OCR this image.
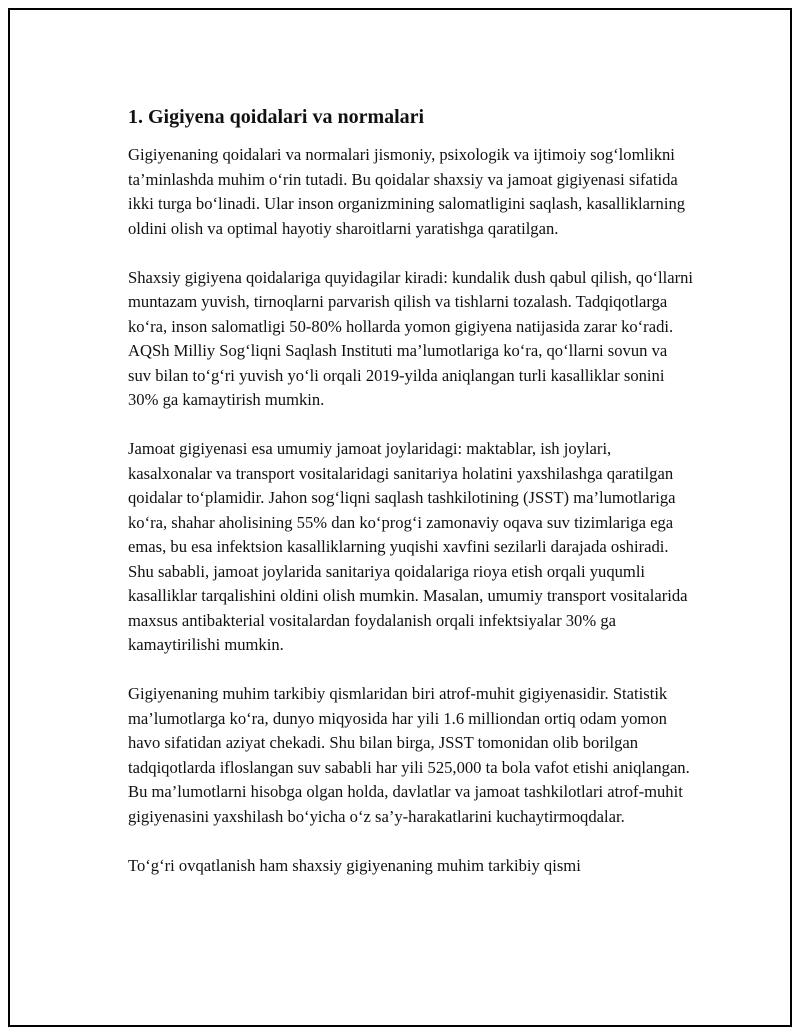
1. Gigiyena qoidalari va normalari

Gigiyenaning qoidalari va normalari jismoniy, psixologik va ijtimoiy sog‘lomlikni ta’minlashda muhim o‘rin tutadi. Bu qoidalar shaxsiy va jamoat gigiyenasi sifatida ikki turga bo‘linadi. Ular inson organizmining salomatligini saqlash, kasalliklarning oldini olish va optimal hayotiy sharoitlarni yaratishga qaratilgan.

Shaxsiy gigiyena qoidalariga quyidagilar kiradi: kundalik dush qabul qilish, qo‘llarni muntazam yuvish, tirnoqlarni parvarish qilish va tishlarni tozalash. Tadqiqotlarga ko‘ra, inson salomatligi 50-80% hollarda yomon gigiyena natijasida zarar ko‘radi. AQSh Milliy Sog‘liqni Saqlash Instituti ma’lumotlariga ko‘ra, qo‘llarni sovun va suv bilan to‘g‘ri yuvish yo‘li orqali 2019-yilda aniqlangan turli kasalliklar sonini 30% ga kamaytirish mumkin.

Jamoat gigiyenasi esa umumiy jamoat joylaridagi: maktablar, ish joylari, kasalxonalar va transport vositalaridagi sanitariya holatini yaxshilashga qaratilgan qoidalar to‘plamidir. Jahon sog‘liqni saqlash tashkilotining (JSST) ma’lumotlariga ko‘ra, shahar aholisining 55% dan ko‘prog‘i zamonaviy oqava suv tizimlariga ega emas, bu esa infektsion kasalliklarning yuqishi xavfini sezilarli darajada oshiradi. Shu sababli, jamoat joylarida sanitariya qoidalariga rioya etish orqali yuqumli kasalliklar tarqalishini oldini olish mumkin. Masalan, umumiy transport vositalarida maxsus antibakterial vositalardan foydalanish orqali infektsiyalar 30% ga kamaytirilishi mumkin.

Gigiyenaning muhim tarkibiy qismlaridan biri atrof-muhit gigiyenasidir. Statistik ma’lumotlarga ko‘ra, dunyo miqyosida har yili 1.6 milliondan ortiq odam yomon havo sifatidan aziyat chekadi. Shu bilan birga, JSST tomonidan olib borilgan tadqiqotlarda ifloslangan suv sababli har yili 525,000 ta bola vafot etishi aniqlangan. Bu ma’lumotlarni hisobga olgan holda, davlatlar va jamoat tashkilotlari atrof-muhit gigiyenasini yaxshilash bo‘yicha o‘z sa’y-harakatlarini kuchaytirmoqdalar.

To‘g‘ri ovqatlanish ham shaxsiy gigiyenaning muhim tarkibiy qismi
